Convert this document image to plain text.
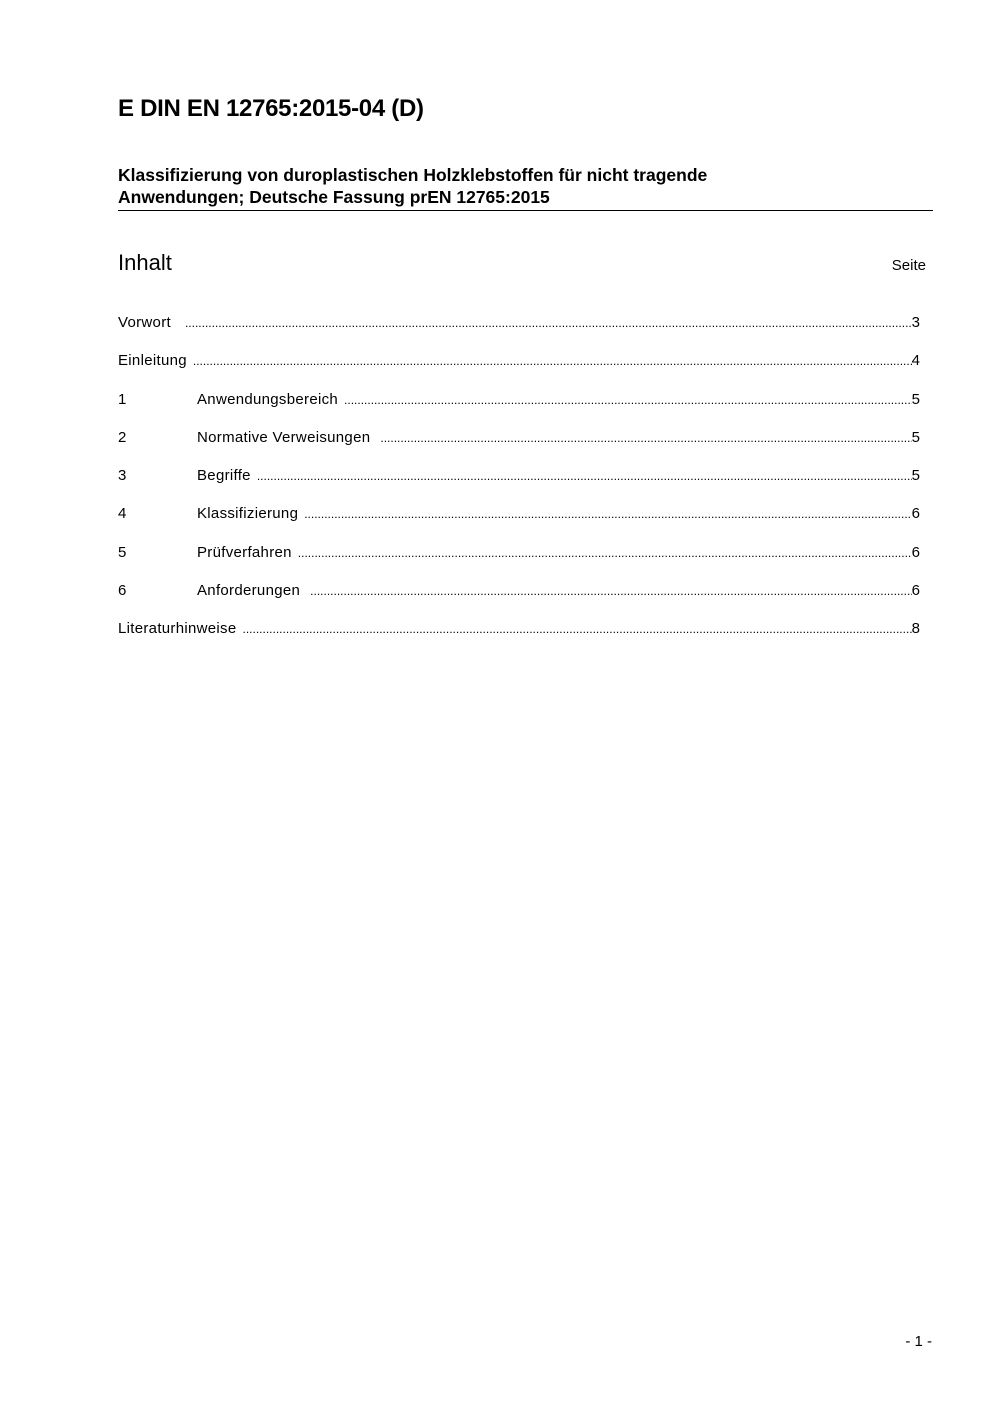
E DIN EN 12765:2015-04 (D)
Klassifizierung von duroplastischen Holzklebstoffen für nicht tragende
Anwendungen; Deutsche Fassung prEN 12765:2015
Inhalt	Seite
Vorwort .....	3
Einleitung .....	4
1	Anwendungsbereich .....	5
2	Normative Verweisungen .....	5
3	Begriffe .....	5
4	Klassifizierung .....	6
5	Prüfverfahren .....	6
6	Anforderungen .....	6
Literaturhinweise .....	8
- 1 -
